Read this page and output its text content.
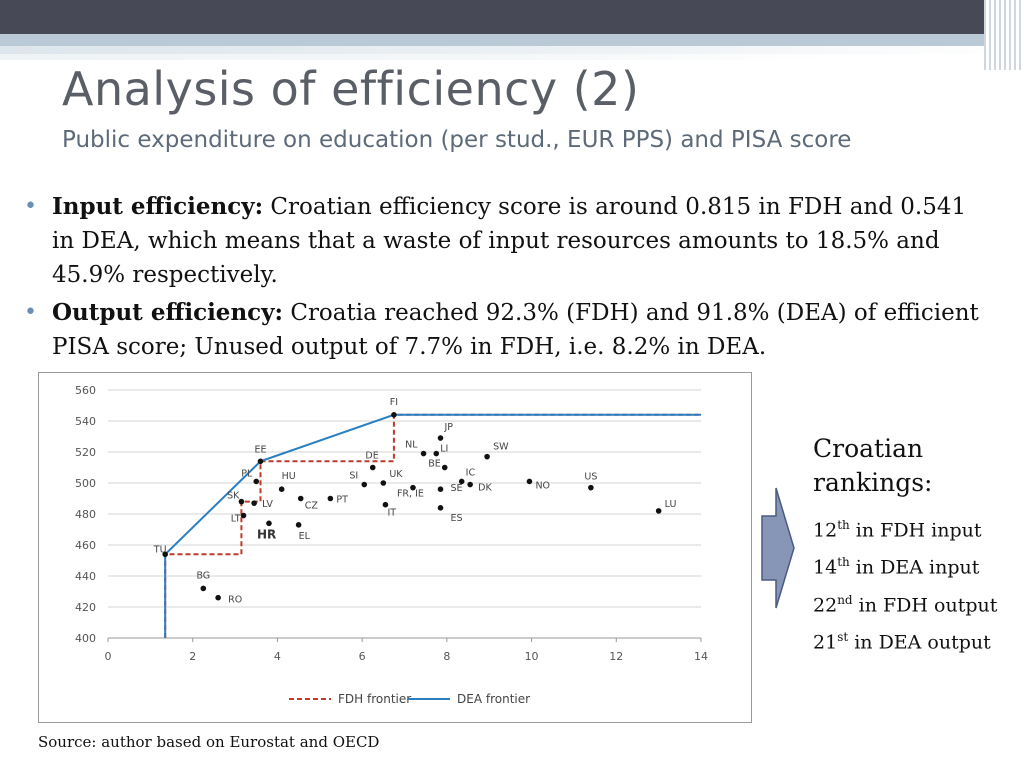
Analysis of efficiency (2)

Public expenditure on education (per stud., EUR PPS) and PISA score

• Input efficiency: Croatian efficiency score is around 0.815 in FDH and 0.541 in DEA, which means that a waste of input resources amounts to 18.5% and 45.9% respectively.
• Output efficiency: Croatia reached 92.3% (FDH) and 91.8% (DEA) of efficient PISA score; Unused output of 7.7% in FDH, i.e. 8.2% in DEA.
400
420
440
460
480
500
520
540
560
0	2	4	6	8	10	12	14
FI
JP
NL LI	SW
EE
DE
BE
IC
DK
PL	SI	UK
NO
US
HU
FR, IE	SE
SK
LV	CZ
PT
IT	ES
LU
LT
HR EL
TU
BG
RO
FDH frontier	DEA frontier

Croatian rankings:

12th in FDH input
14th in DEA input
22nd in FDH output
21st in DEA output

Source: author based on Eurostat and OECD
